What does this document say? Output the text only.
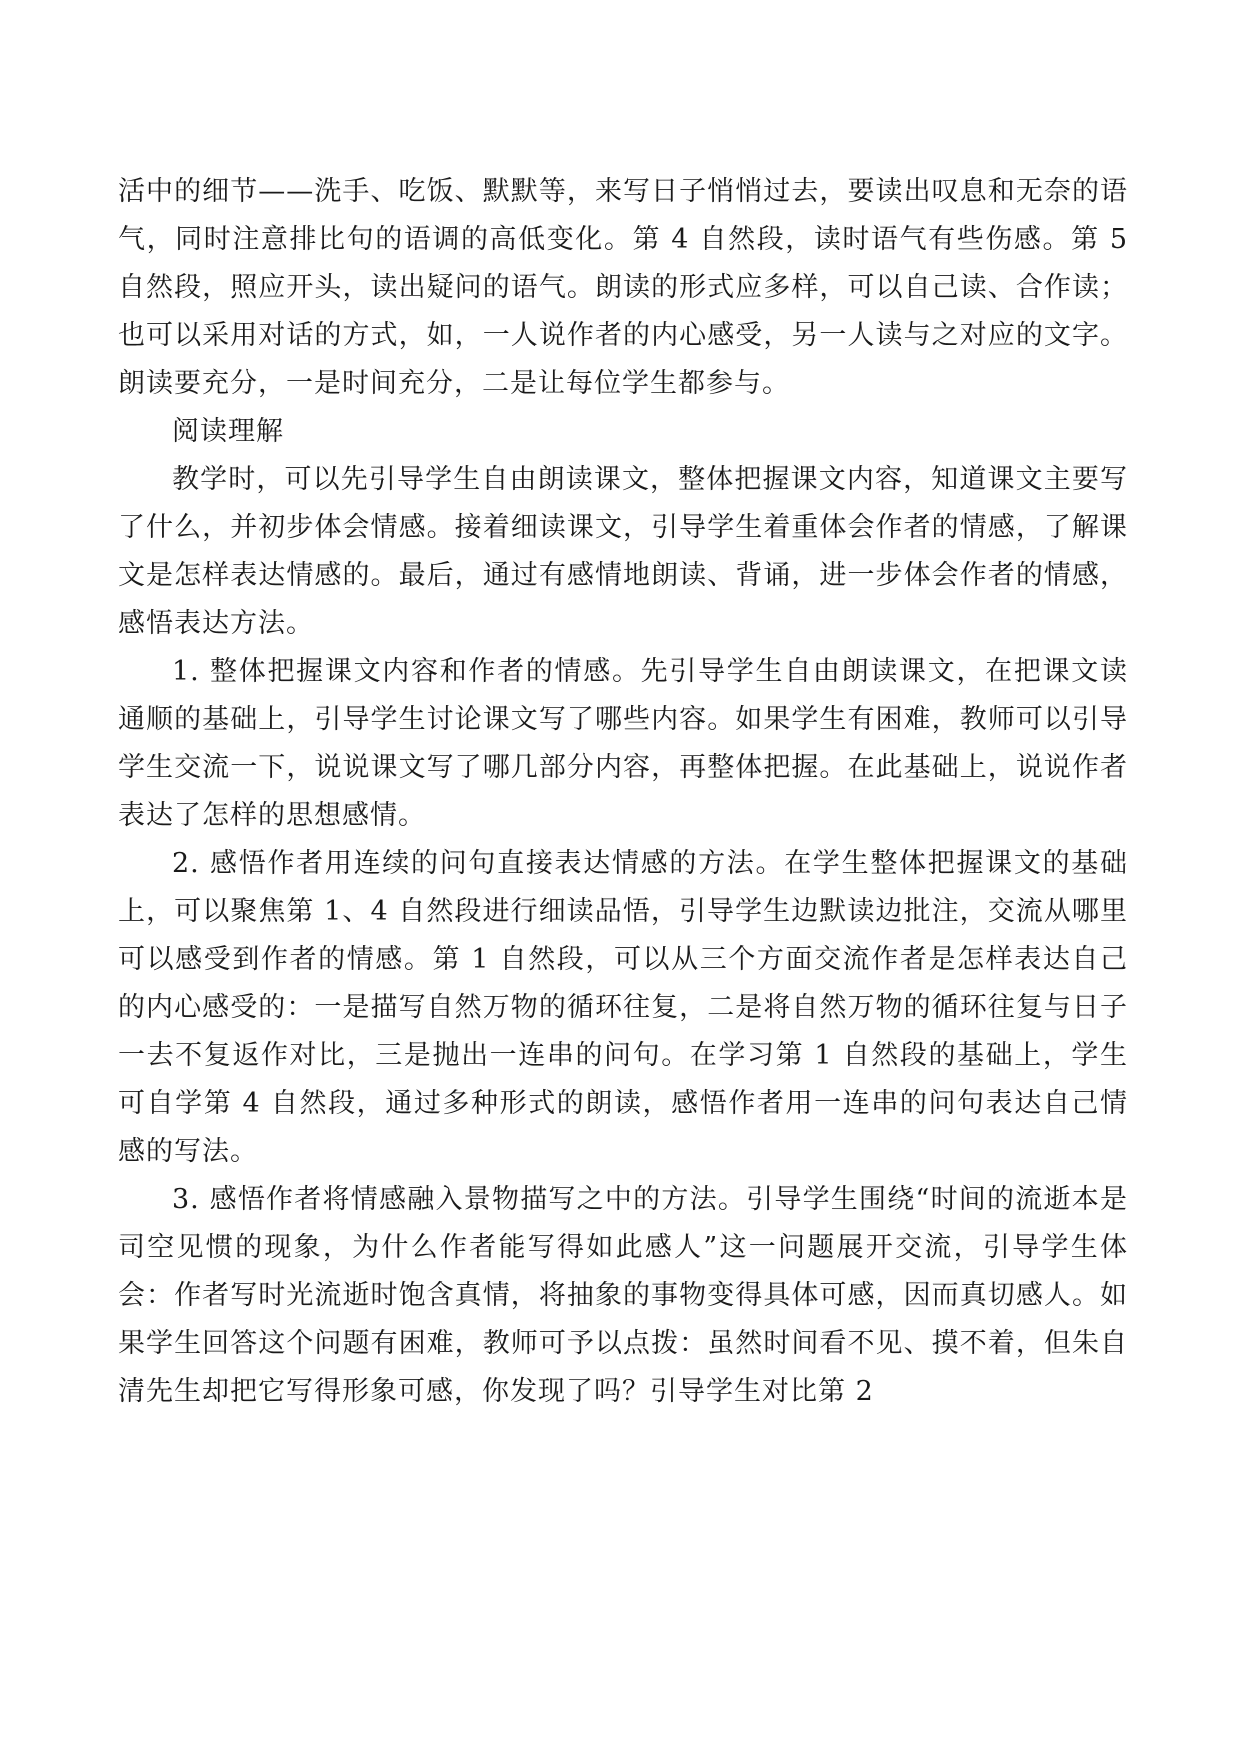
活中的细节——洗手、吃饭、默默等，来写日子悄悄过去，要读出叹息和无奈的语气，同时注意排比句的语调的高低变化。第 4 自然段，读时语气有些伤感。第 5 自然段，照应开头，读出疑问的语气。朗读的形式应多样，可以自己读、合作读；也可以采用对话的方式，如，一人说作者的内心感受，另一人读与之对应的文字。朗读要充分，一是时间充分，二是让每位学生都参与。

阅读理解

教学时，可以先引导学生自由朗读课文，整体把握课文内容，知道课文主要写了什么，并初步体会情感。接着细读课文，引导学生着重体会作者的情感，了解课文是怎样表达情感的。最后，通过有感情地朗读、背诵，进一步体会作者的情感，感悟表达方法。

1. 整体把握课文内容和作者的情感。先引导学生自由朗读课文，在把课文读通顺的基础上，引导学生讨论课文写了哪些内容。如果学生有困难，教师可以引导学生交流一下，说说课文写了哪几部分内容，再整体把握。在此基础上，说说作者表达了怎样的思想感情。

2. 感悟作者用连续的问句直接表达情感的方法。在学生整体把握课文的基础上，可以聚焦第 1、4 自然段进行细读品悟，引导学生边默读边批注，交流从哪里可以感受到作者的情感。第 1 自然段，可以从三个方面交流作者是怎样表达自己的内心感受的：一是描写自然万物的循环往复，二是将自然万物的循环往复与日子一去不复返作对比，三是抛出一连串的问句。在学习第 1 自然段的基础上，学生可自学第 4 自然段，通过多种形式的朗读，感悟作者用一连串的问句表达自己情感的写法。

3. 感悟作者将情感融入景物描写之中的方法。引导学生围绕“时间的流逝本是司空见惯的现象，为什么作者能写得如此感人”这一问题展开交流，引导学生体会：作者写时光流逝时饱含真情，将抽象的事物变得具体可感，因而真切感人。如果学生回答这个问题有困难，教师可予以点拨：虽然时间看不见、摸不着，但朱自清先生却把它写得形象可感，你发现了吗？引导学生对比第 2
